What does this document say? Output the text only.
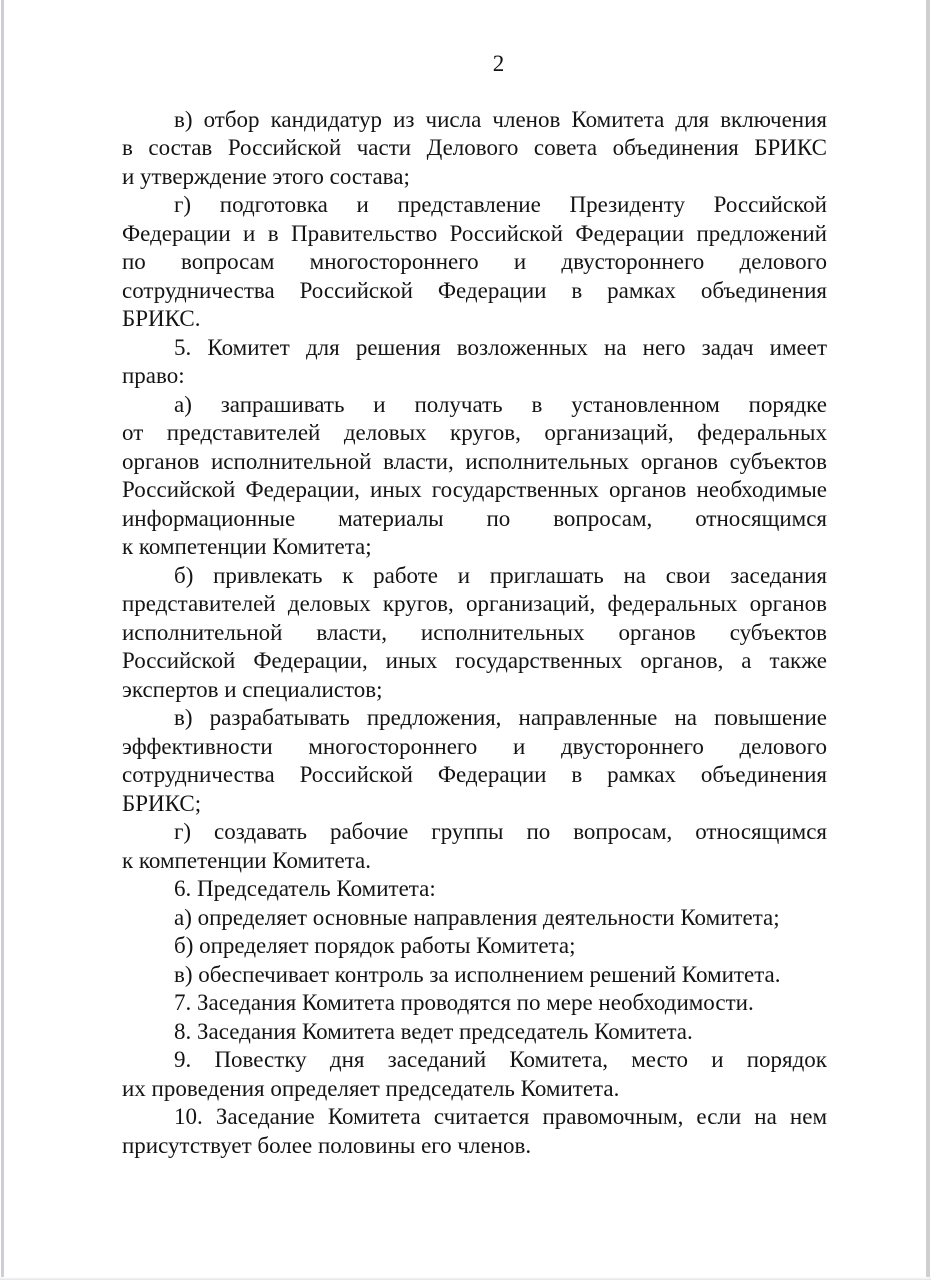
2

в) отбор кандидатур из числа членов Комитета для включения
в состав Российской части Делового совета объединения БРИКС
и утверждение этого состава;

г) подготовка и представление Президенту Российской
Федерации и в Правительство Российской Федерации предложений
по вопросам многостороннего и двустороннего делового
сотрудничества Российской Федерации в рамках объединения
БРИКС.

5. Комитет для решения возложенных на него задач имеет
право:

а) запрашивать и получать в установленном порядке
от представителей деловых кругов, организаций, федеральных
органов исполнительной власти, исполнительных органов субъектов
Российской Федерации, иных государственных органов необходимые
информационные материалы по вопросам, относящимся
к компетенции Комитета;

б) привлекать к работе и приглашать на свои заседания
представителей деловых кругов, организаций, федеральных органов
исполнительной власти, исполнительных органов субъектов
Российской Федерации, иных государственных органов, а также
экспертов и специалистов;

в) разрабатывать предложения, направленные на повышение
эффективности многостороннего и двустороннего делового
сотрудничества Российской Федерации в рамках объединения
БРИКС;

г) создавать рабочие группы по вопросам, относящимся
к компетенции Комитета.

6. Председатель Комитета:

а) определяет основные направления деятельности Комитета;

б) определяет порядок работы Комитета;

в) обеспечивает контроль за исполнением решений Комитета.

7. Заседания Комитета проводятся по мере необходимости.

8. Заседания Комитета ведет председатель Комитета.

9. Повестку дня заседаний Комитета, место и порядок
их проведения определяет председатель Комитета.

10. Заседание Комитета считается правомочным, если на нем
присутствует более половины его членов.
